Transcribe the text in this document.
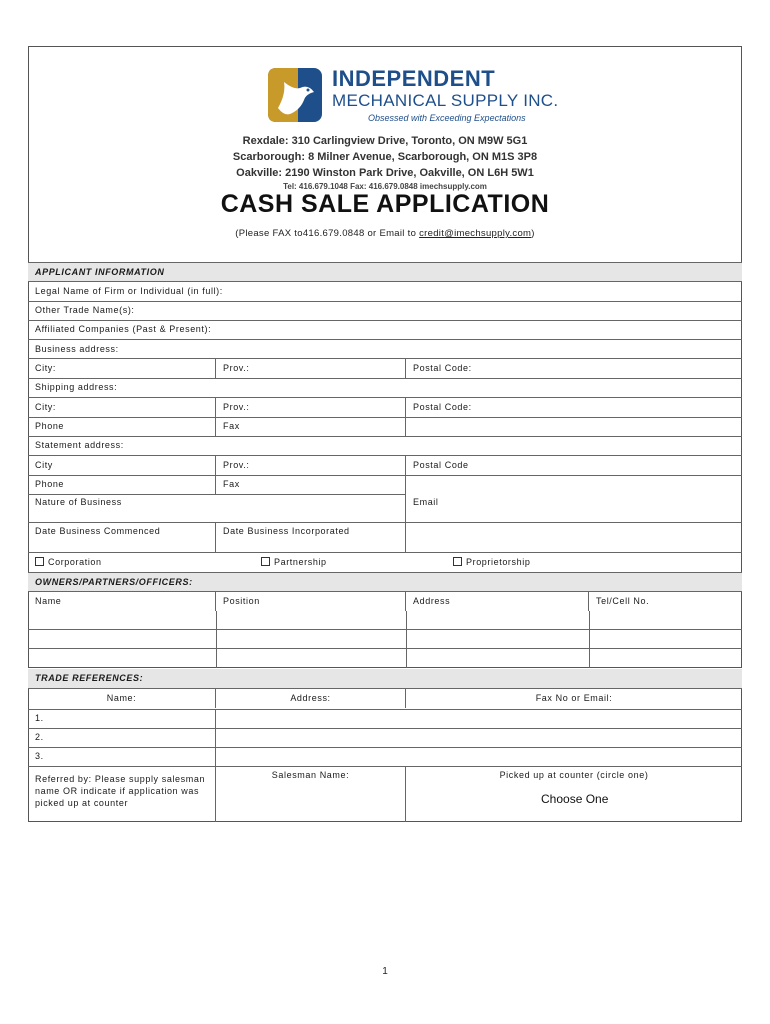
INDEPENDENT
MECHANICAL SUPPLY INC.
Obsessed with Exceeding Expectations
Rexdale: 310 Carlingview Drive, Toronto, ON M9W 5G1
Scarborough: 8 Milner Avenue, Scarborough, ON M1S 3P8
Oakville: 2190 Winston Park Drive, Oakville, ON L6H 5W1
Tel: 416.679.1048 Fax: 416.679.0848 imechsupply.com
CASH SALE APPLICATION
(Please FAX to416.679.0848 or Email to credit@imechsupply.com)
APPLICANT INFORMATION
Legal Name of Firm or Individual (in full):
Other Trade Name(s):
Affiliated Companies (Past & Present):
Business address:
City:	Prov.:	Postal Code:
Shipping address:
City:	Prov.:	Postal Code:
Phone	Fax
Statement address:
City	Prov.:	Postal Code
Phone	Fax
Nature of Business	Email
Date Business Commenced	Date Business Incorporated
Corporation	Partnership	Proprietorship
OWNERS/PARTNERS/OFFICERS:
Name	Position	Address	Tel/Cell No.
TRADE REFERENCES:
Name:	Address:	Fax No or Email:
1.
2.
3.
Referred by: Please supply salesman
name OR indicate if application was
picked up at counter
Salesman Name:	Picked up at counter (circle one)
Choose One
1
